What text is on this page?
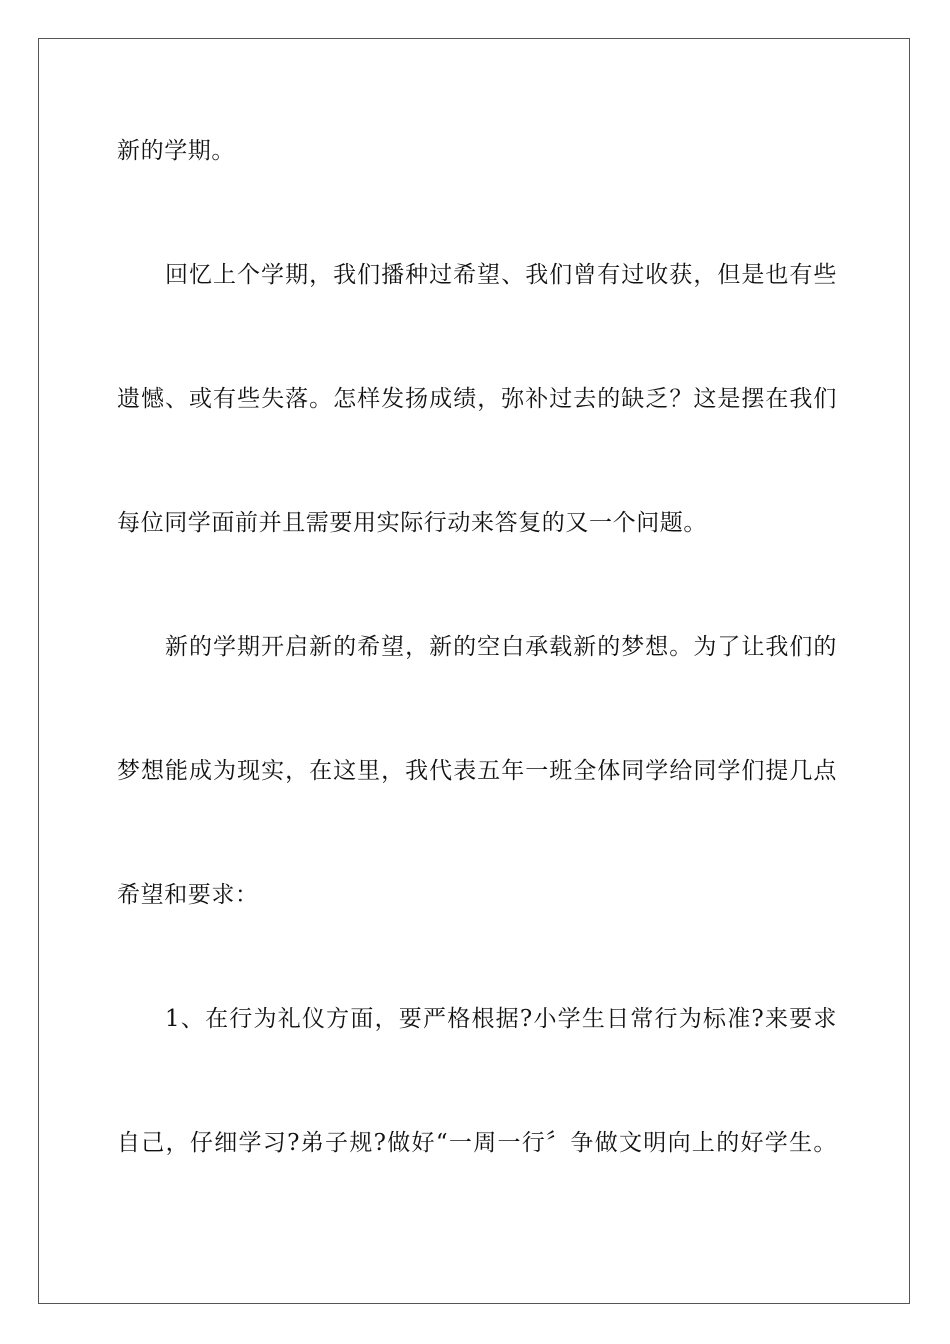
新的学期。
回忆上个学期，我们播种过希望、我们曾有过收获，但是也有些
遗憾、或有些失落。怎样发扬成绩，弥补过去的缺乏？这是摆在我们
每位同学面前并且需要用实际行动来答复的又一个问题。
新的学期开启新的希望，新的空白承载新的梦想。为了让我们的
梦想能成为现实，在这里，我代表五年一班全体同学给同学们提几点
希望和要求：
1、在行为礼仪方面，要严格根据?小学生日常行为标准?来要求
自己，仔细学习?弟子规?做好“一周一行〞争做文明向上的好学生。
